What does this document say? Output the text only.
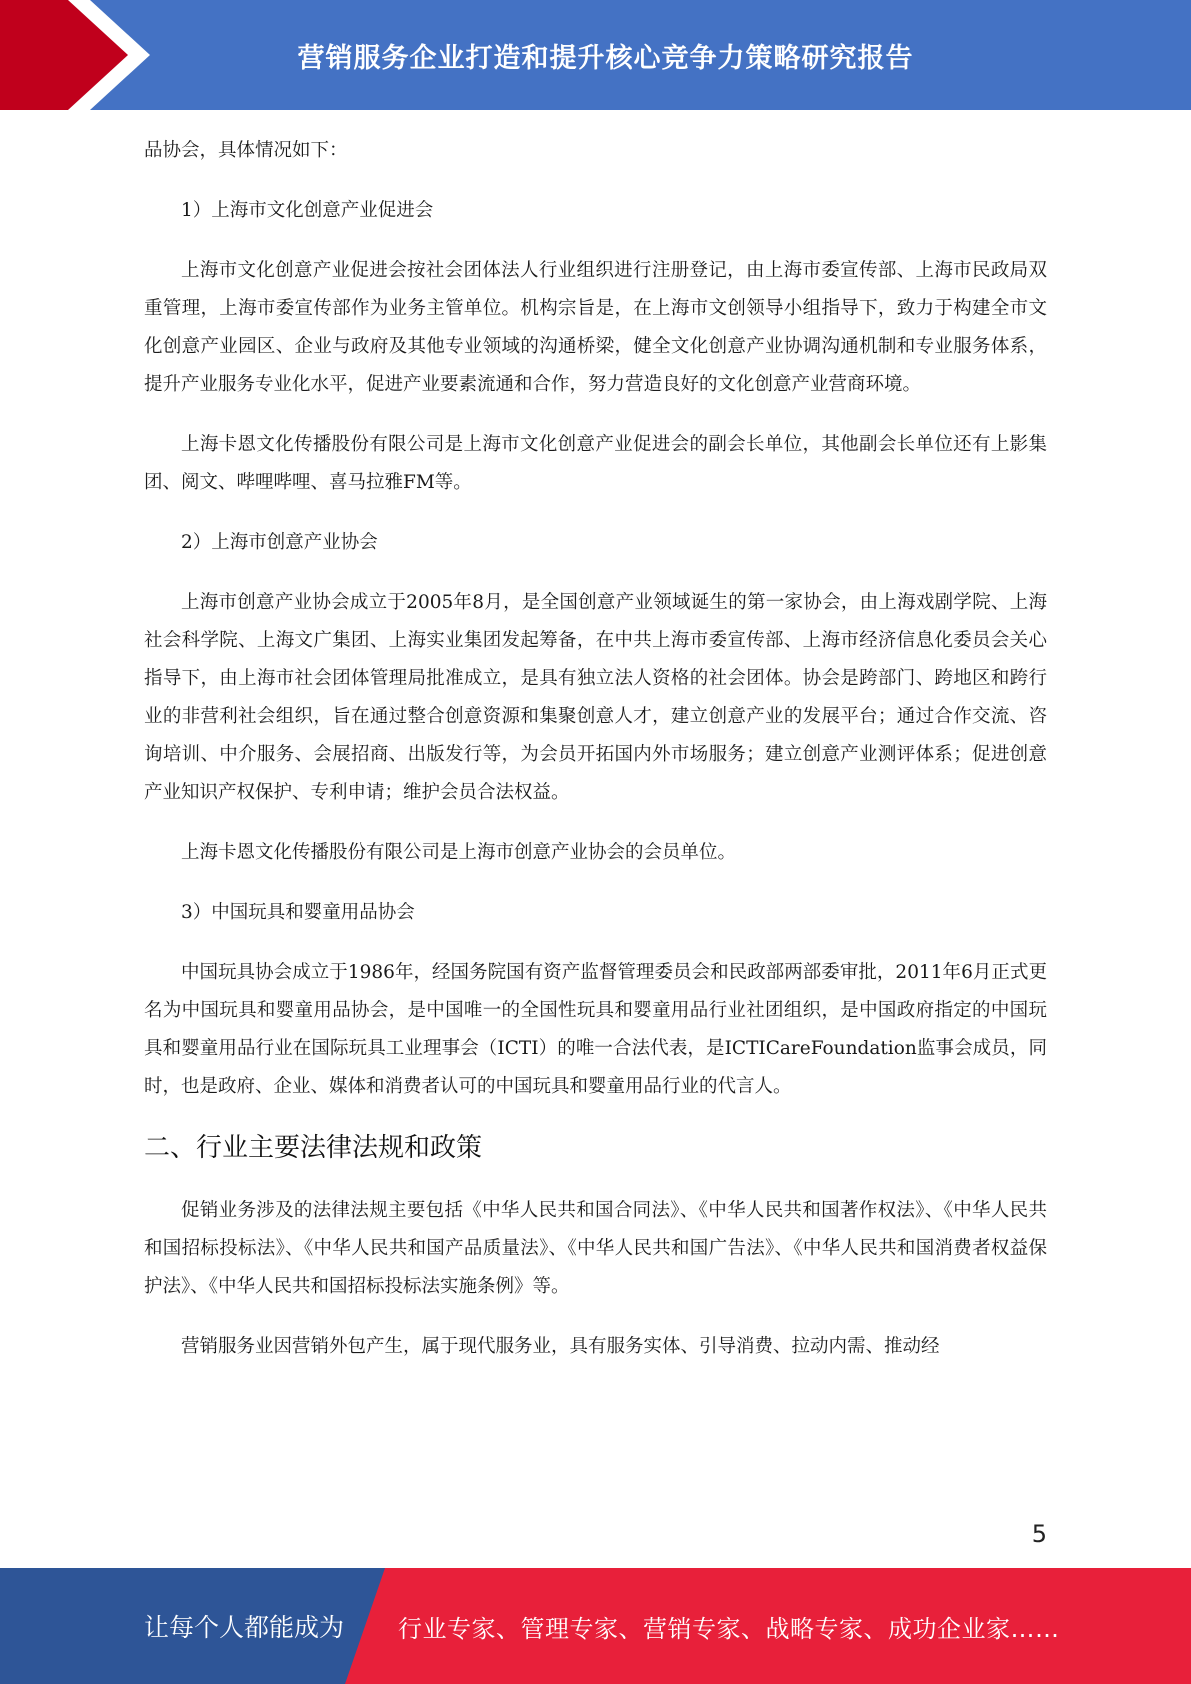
营销服务企业打造和提升核心竞争力策略研究报告

品协会，具体情况如下：

1）上海市文化创意产业促进会

上海市文化创意产业促进会按社会团体法人行业组织进行注册登记，由上海市委宣传部、上海市民政局双重管理，上海市委宣传部作为业务主管单位。机构宗旨是，在上海市文创领导小组指导下，致力于构建全市文化创意产业园区、企业与政府及其他专业领域的沟通桥梁，健全文化创意产业协调沟通机制和专业服务体系，提升产业服务专业化水平，促进产业要素流通和合作，努力营造良好的文化创意产业营商环境。

上海卡恩文化传播股份有限公司是上海市文化创意产业促进会的副会长单位，其他副会长单位还有上影集团、阅文、哔哩哔哩、喜马拉雅FM等。

2）上海市创意产业协会

上海市创意产业协会成立于2005年8月，是全国创意产业领域诞生的第一家协会，由上海戏剧学院、上海社会科学院、上海文广集团、上海实业集团发起筹备，在中共上海市委宣传部、上海市经济信息化委员会关心指导下，由上海市社会团体管理局批准成立，是具有独立法人资格的社会团体。协会是跨部门、跨地区和跨行业的非营利社会组织，旨在通过整合创意资源和集聚创意人才，建立创意产业的发展平台；通过合作交流、咨询培训、中介服务、会展招商、出版发行等，为会员开拓国内外市场服务；建立创意产业测评体系；促进创意产业知识产权保护、专利申请；维护会员合法权益。

上海卡恩文化传播股份有限公司是上海市创意产业协会的会员单位。

3）中国玩具和婴童用品协会

中国玩具协会成立于1986年，经国务院国有资产监督管理委员会和民政部两部委审批，2011年6月正式更名为中国玩具和婴童用品协会，是中国唯一的全国性玩具和婴童用品行业社团组织，是中国政府指定的中国玩具和婴童用品行业在国际玩具工业理事会（ICTI）的唯一合法代表，是ICTICareFoundation监事会成员，同时，也是政府、企业、媒体和消费者认可的中国玩具和婴童用品行业的代言人。

二、行业主要法律法规和政策

促销业务涉及的法律法规主要包括《中华人民共和国合同法》、《中华人民共和国著作权法》、《中华人民共和国招标投标法》、《中华人民共和国产品质量法》、《中华人民共和国广告法》、《中华人民共和国消费者权益保护法》、《中华人民共和国招标投标法实施条例》等。

营销服务业因营销外包产生，属于现代服务业，具有服务实体、引导消费、拉动内需、推动经

5
让每个人都能成为 行业专家、管理专家、营销专家、战略专家、成功企业家……
